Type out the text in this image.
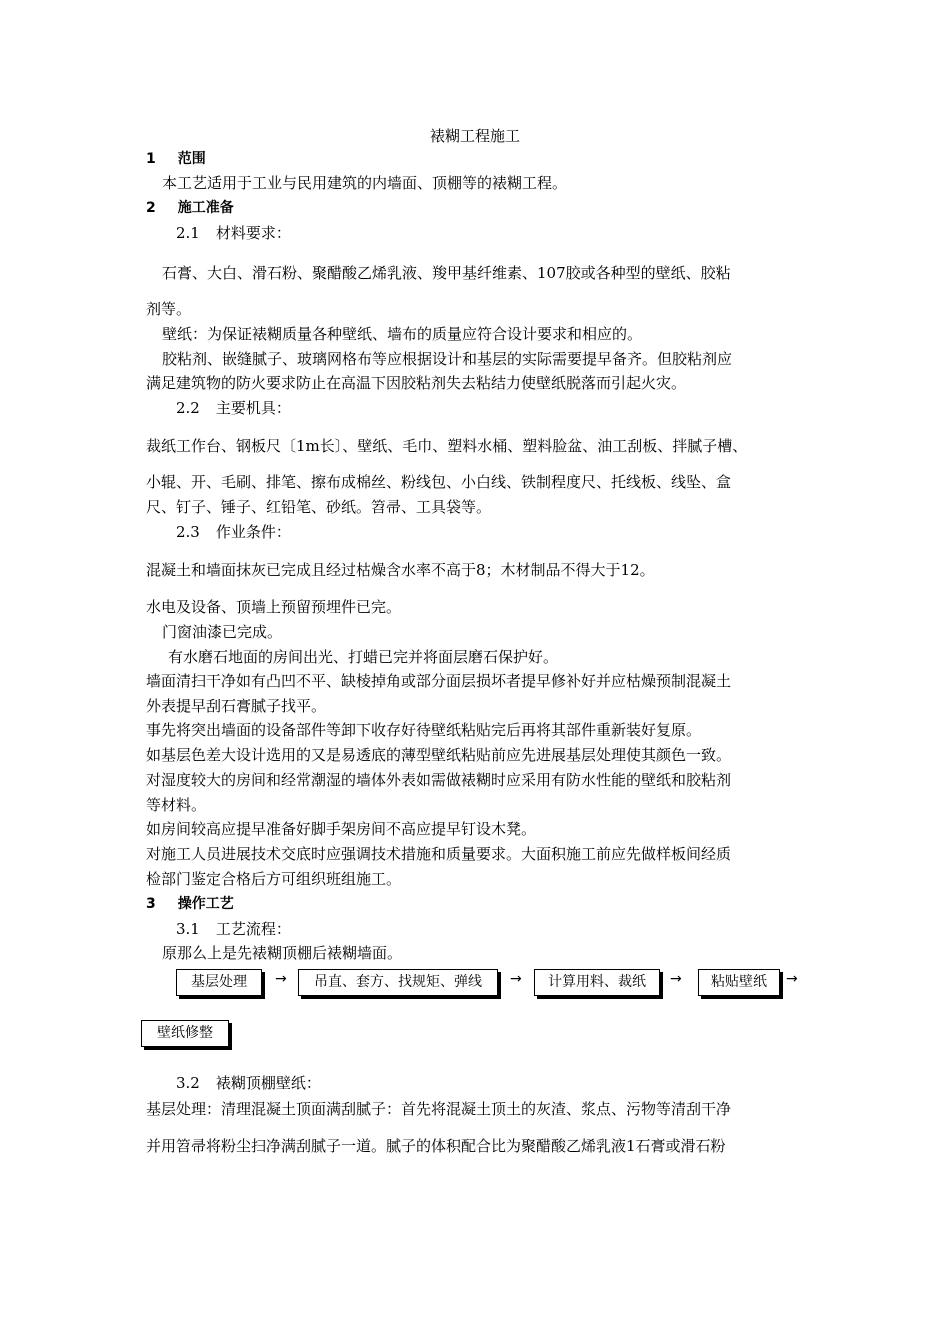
裱糊工程施工
1 范围
本工艺适用于工业与民用建筑的内墙面、顶棚等的裱糊工程。
2 施工准备
2.1 材料要求：
石膏、大白、滑石粉、聚醋酸乙烯乳液、羧甲基纤维素、107胶或各种型的壁纸、胶粘
剂等。
壁纸：为保证裱糊质量各种壁纸、墙布的质量应符合设计要求和相应的。
胶粘剂、嵌缝腻子、玻璃网格布等应根据设计和基层的实际需要提早备齐。但胶粘剂应
满足建筑物的防火要求防止在高温下因胶粘剂失去粘结力使壁纸脱落而引起火灾。
2.2 主要机具：
裁纸工作台、钢板尺〔1m长〕、壁纸、毛巾、塑料水桶、塑料脸盆、油工刮板、拌腻子槽、
小辊、开、毛刷、排笔、擦布成棉丝、粉线包、小白线、铁制程度尺、托线板、线坠、盒
尺、钉子、锤子、红铅笔、砂纸。笤帚、工具袋等。
2.3 作业条件：
混凝土和墙面抹灰已完成且经过枯燥含水率不高于8；木材制品不得大于12。
水电及设备、顶墙上预留预埋件已完。
门窗油漆已完成。
有水磨石地面的房间出光、打蜡已完并将面层磨石保护好。
墙面清扫干净如有凸凹不平、缺棱掉角或部分面层损坏者提早修补好并应枯燥预制混凝土
外表提早刮石膏腻子找平。
事先将突出墙面的设备部件等卸下收存好待壁纸粘贴完后再将其部件重新装好复原。
如基层色差大设计选用的又是易透底的薄型壁纸粘贴前应先进展基层处理使其颜色一致。
对湿度较大的房间和经常潮湿的墙体外表如需做裱糊时应采用有防水性能的壁纸和胶粘剂
等材料。
如房间较高应提早准备好脚手架房间不高应提早钉设木凳。
对施工人员进展技术交底时应强调技术措施和质量要求。大面积施工前应先做样板间经质
检部门鉴定合格后方可组织班组施工。
3 操作工艺
3.1 工艺流程：
原那么上是先裱糊顶棚后裱糊墙面。
基层处理	→	吊直、套方、找规矩、弹线	→	计算用料、裁纸	→	粘贴壁纸	→
壁纸修整
3.2 裱糊顶棚壁纸：
基层处理：清理混凝土顶面满刮腻子：首先将混凝土顶土的灰渣、浆点、污物等清刮干净
并用笤帚将粉尘扫净满刮腻子一道。腻子的体积配合比为聚醋酸乙烯乳液1石膏或滑石粉
